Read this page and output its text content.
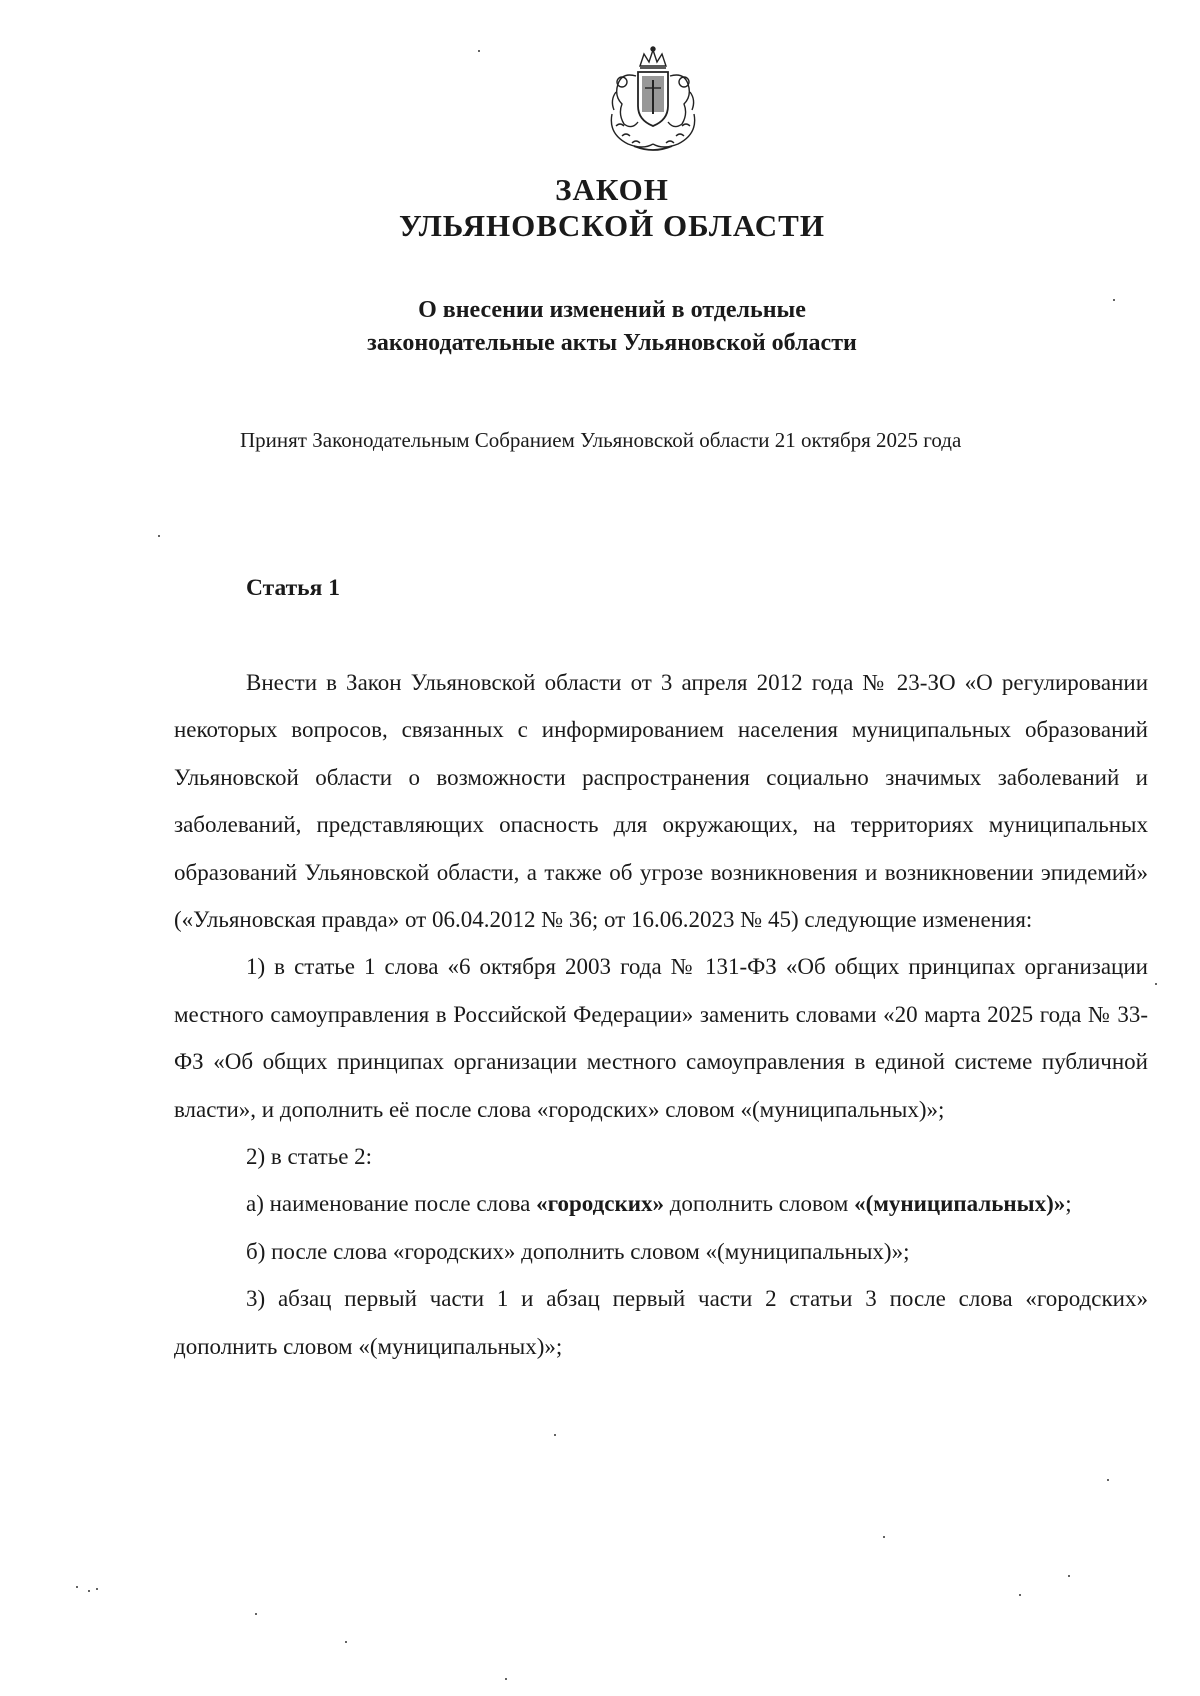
ЗАКОН
УЛЬЯНОВСКОЙ ОБЛАСТИ
О внесении изменений в отдельные
законодательные акты Ульяновской области
Принят Законодательным Собранием Ульяновской области 21 октября 2025 года
Статья 1

Внести в Закон Ульяновской области от 3 апреля 2012 года № 23-ЗО «О регулировании некоторых вопросов, связанных с информированием населения муниципальных образований Ульяновской области о возможности распространения социально значимых заболеваний и заболеваний, представляющих опасность для окружающих, на территориях муниципальных образований Ульяновской области, а также об угрозе возникновения и возникновении эпидемий» («Ульяновская правда» от 06.04.2012 № 36; от 16.06.2023 № 45) следующие изменения:

1) в статье 1 слова «6 октября 2003 года № 131-ФЗ «Об общих принципах организации местного самоуправления в Российской Федерации» заменить словами «20 марта 2025 года № 33-ФЗ «Об общих принципах организации местного самоуправления в единой системе публичной власти», и дополнить её после слова «городских» словом «(муниципальных)»;

2) в статье 2:

а) наименование после слова «городских» дополнить словом «(муниципальных)»;

б) после слова «городских» дополнить словом «(муниципальных)»;

3) абзац первый части 1 и абзац первый части 2 статьи 3 после слова «городских» дополнить словом «(муниципальных)»;
